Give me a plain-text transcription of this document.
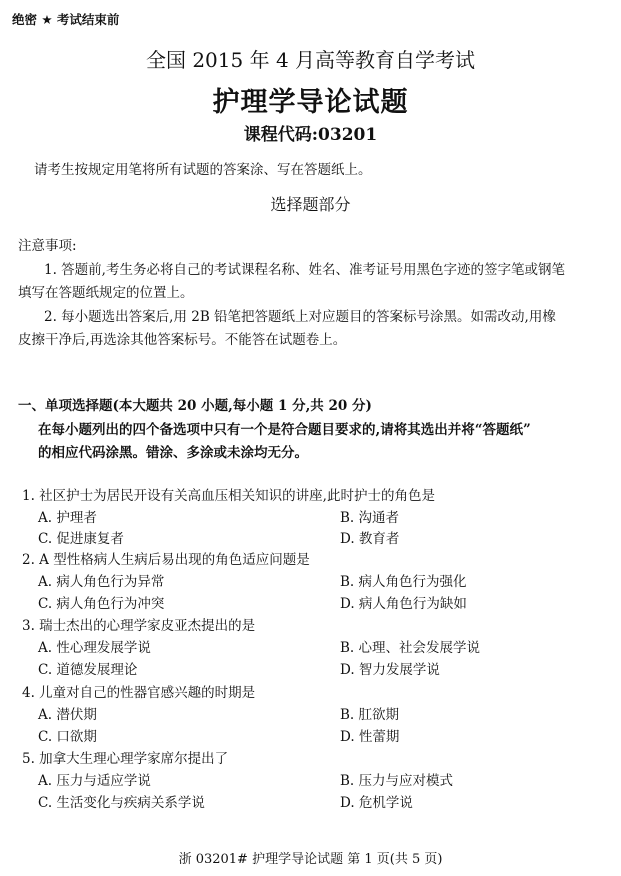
绝密 ★ 考试结束前
全国 2015 年 4 月高等教育自学考试
护理学导论试题
课程代码:03201
请考生按规定用笔将所有试题的答案涂、写在答题纸上。
选择题部分
注意事项:
1. 答题前,考生务必将自己的考试课程名称、姓名、准考证号用黑色字迹的签字笔或钢笔
填写在答题纸规定的位置上。
2. 每小题选出答案后,用 2B 铅笔把答题纸上对应题目的答案标号涂黑。如需改动,用橡
皮擦干净后,再选涂其他答案标号。不能答在试题卷上。
一、单项选择题(本大题共 20 小题,每小题 1 分,共 20 分)
在每小题列出的四个备选项中只有一个是符合题目要求的,请将其选出并将“答题纸”
的相应代码涂黑。错涂、多涂或未涂均无分。
1. 社区护士为居民开设有关高血压相关知识的讲座,此时护士的角色是
A. 护理者	B. 沟通者
C. 促进康复者	D. 教育者
2. A 型性格病人生病后易出现的角色适应问题是
A. 病人角色行为异常	B. 病人角色行为强化
C. 病人角色行为冲突	D. 病人角色行为缺如
3. 瑞士杰出的心理学家皮亚杰提出的是
A. 性心理发展学说	B. 心理、社会发展学说
C. 道德发展理论	D. 智力发展学说
4. 儿童对自己的性器官感兴趣的时期是
A. 潜伏期	B. 肛欲期
C. 口欲期	D. 性蕾期
5. 加拿大生理心理学家席尔提出了
A. 压力与适应学说	B. 压力与应对模式
C. 生活变化与疾病关系学说	D. 危机学说
浙 03201# 护理学导论试题 第 1 页(共 5 页)
